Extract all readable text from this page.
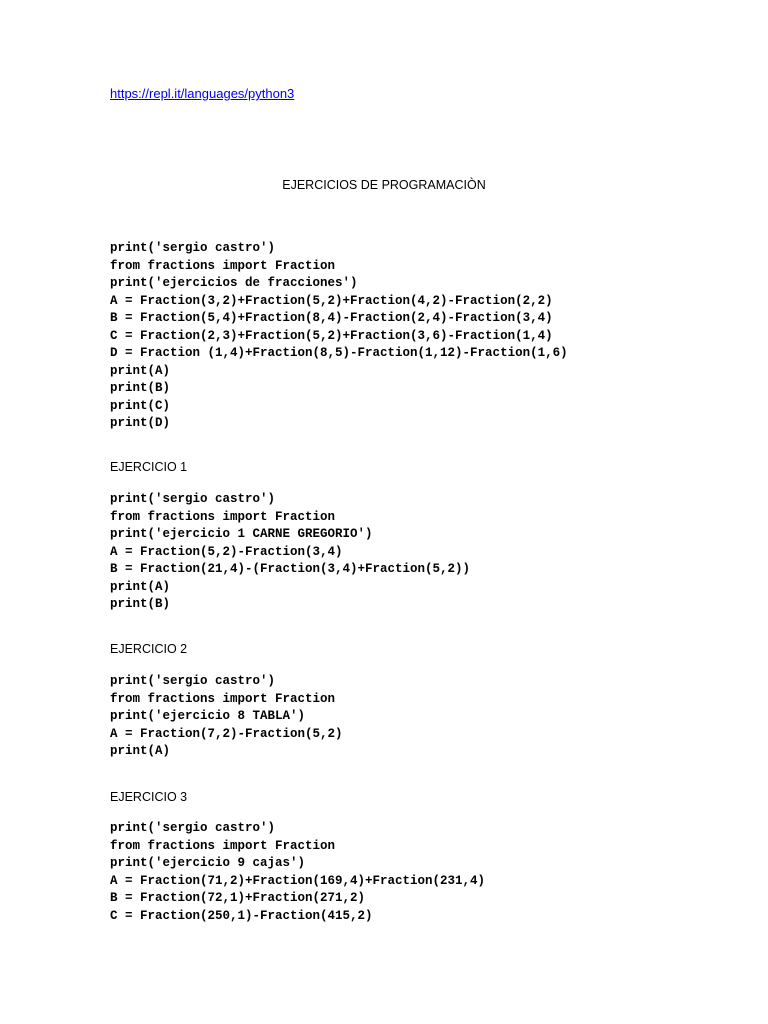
https://repl.it/languages/python3
EJERCICIOS DE PROGRAMACIÒN
print('sergio castro')
from fractions import Fraction
print('ejercicios de fracciones')
A = Fraction(3,2)+Fraction(5,2)+Fraction(4,2)-Fraction(2,2)
B = Fraction(5,4)+Fraction(8,4)-Fraction(2,4)-Fraction(3,4)
C = Fraction(2,3)+Fraction(5,2)+Fraction(3,6)-Fraction(1,4)
D = Fraction (1,4)+Fraction(8,5)-Fraction(1,12)-Fraction(1,6)
print(A)
print(B)
print(C)
print(D)
EJERCICIO 1
print('sergio castro')
from fractions import Fraction
print('ejercicio 1 CARNE GREGORIO')
A = Fraction(5,2)-Fraction(3,4)
B = Fraction(21,4)-(Fraction(3,4)+Fraction(5,2))
print(A)
print(B)
EJERCICIO 2
print('sergio castro')
from fractions import Fraction
print('ejercicio 8 TABLA')
A = Fraction(7,2)-Fraction(5,2)
print(A)
EJERCICIO 3
print('sergio castro')
from fractions import Fraction
print('ejercicio 9 cajas')
A = Fraction(71,2)+Fraction(169,4)+Fraction(231,4)
B = Fraction(72,1)+Fraction(271,2)
C = Fraction(250,1)-Fraction(415,2)
